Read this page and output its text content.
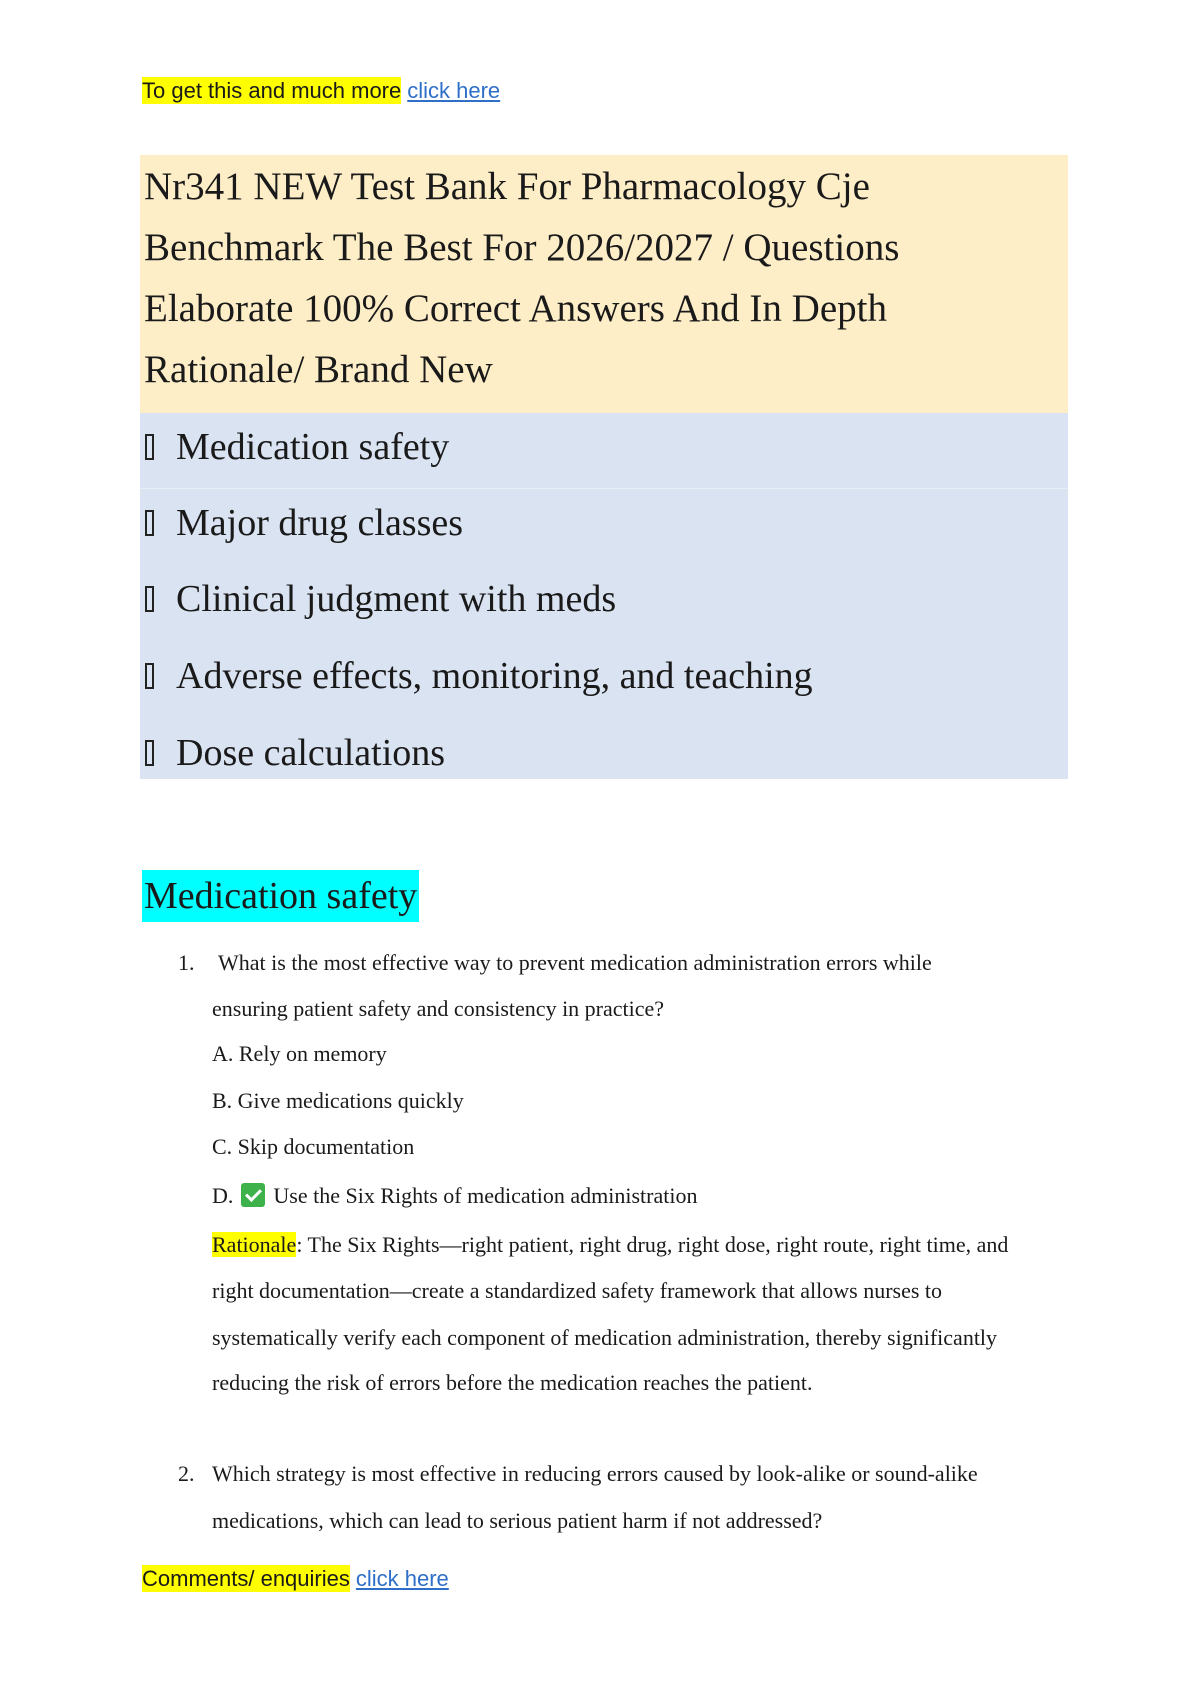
To get this and much more click here
Nr341 NEW Test Bank For Pharmacology Cje
Benchmark The Best For 2026/2027 / Questions
Elaborate 100% Correct Answers And In Depth
Rationale/ Brand New
Medication safety
Major drug classes
Clinical judgment with meds
Adverse effects, monitoring, and teaching
Dose calculations
Medication safety
1. What is the most effective way to prevent medication administration errors while
ensuring patient safety and consistency in practice?
A. Rely on memory
B. Give medications quickly
C. Skip documentation
D. Use the Six Rights of medication administration
Rationale: The Six Rights—right patient, right drug, right dose, right route, right time, and
right documentation—create a standardized safety framework that allows nurses to
systematically verify each component of medication administration, thereby significantly
reducing the risk of errors before the medication reaches the patient.
2. Which strategy is most effective in reducing errors caused by look-alike or sound-alike
medications, which can lead to serious patient harm if not addressed?
Comments/ enquiries click here
